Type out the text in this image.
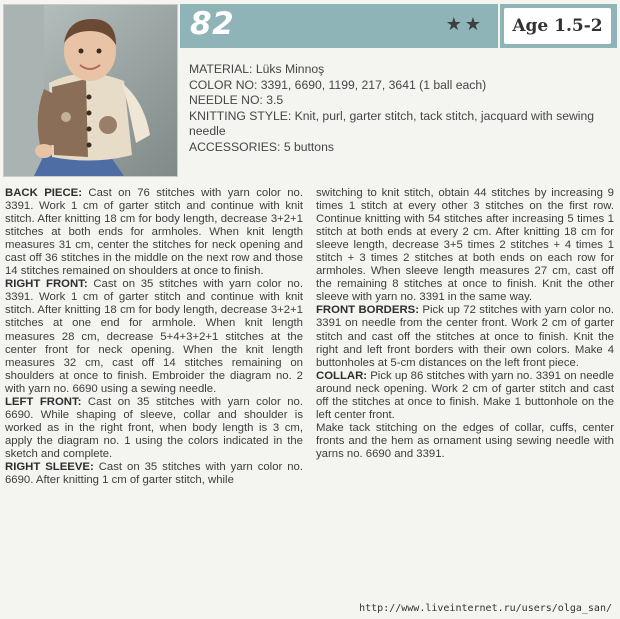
82	★★	Age 1.5-2
MATERIAL: Lüks Minnoş
COLOR NO: 3391, 6690, 1199, 217, 3641 (1 ball each)
NEEDLE NO: 3.5
KNITTING STYLE: Knit, purl, garter stitch, tack stitch, jacquard with sewing needle
ACCESSORIES: 5 buttons

BACK PIECE: Cast on 76 stitches with yarn color no. 3391. Work 1 cm of garter stitch and continue with knit stitch. After knitting 18 cm for body length, decrease 3+2+1 stitches at both ends for armholes. When knit length measures 31 cm, center the stitches for neck opening and cast off 36 stitches in the middle on the next row and those 14 stitches remained on shoulders at once to finish.

RIGHT FRONT: Cast on 35 stitches with yarn color no. 3391. Work 1 cm of garter stitch and continue with knit stitch. After knitting 18 cm for body length, decrease 3+2+1 stitches at one end for armhole. When knit length measures 28 cm, decrease 5+4+3+2+1 stitches at the center front for neck opening. When the knit length measures 32 cm, cast off 14 stitches remaining on shoulders at once to finish. Embroider the diagram no. 2 with yarn no. 6690 using a sewing needle.

LEFT FRONT: Cast on 35 stitches with yarn color no. 6690. While shaping of sleeve, collar and shoulder is worked as in the right front, when body length is 3 cm, apply the diagram no. 1 using the colors indicated in the sketch and complete.

RIGHT SLEEVE: Cast on 35 stitches with yarn color no. 6690. After knitting 1 cm of garter stitch, while

switching to knit stitch, obtain 44 stitches by increasing 9 times 1 stitch at every other 3 stitches on the first row. Continue knitting with 54 stitches after increasing 5 times 1 stitch at both ends at every 2 cm. After knitting 18 cm for sleeve length, decrease 3+5 times 2 stitches + 4 times 1 stitch + 3 times 2 stitches at both ends on each row for armholes. When sleeve length measures 27 cm, cast off the remaining 8 stitches at once to finish. Knit the other sleeve with yarn no. 3391 in the same way.

FRONT BORDERS: Pick up 72 stitches with yarn color no. 3391 on needle from the center front. Work 2 cm of garter stitch and cast off the stitches at once to finish. Knit the right and left front borders with their own colors. Make 4 buttonholes at 5-cm distances on the left front piece.

COLLAR: Pick up 86 stitches with yarn no. 3391 on needle around neck opening. Work 2 cm of garter stitch and cast off the stitches at once to finish. Make 1 buttonhole on the left center front.

Make tack stitching on the edges of collar, cuffs, center fronts and the hem as ornament using sewing needle with yarns no. 6690 and 3391.

http://www.liveinternet.ru/users/olga_san/
